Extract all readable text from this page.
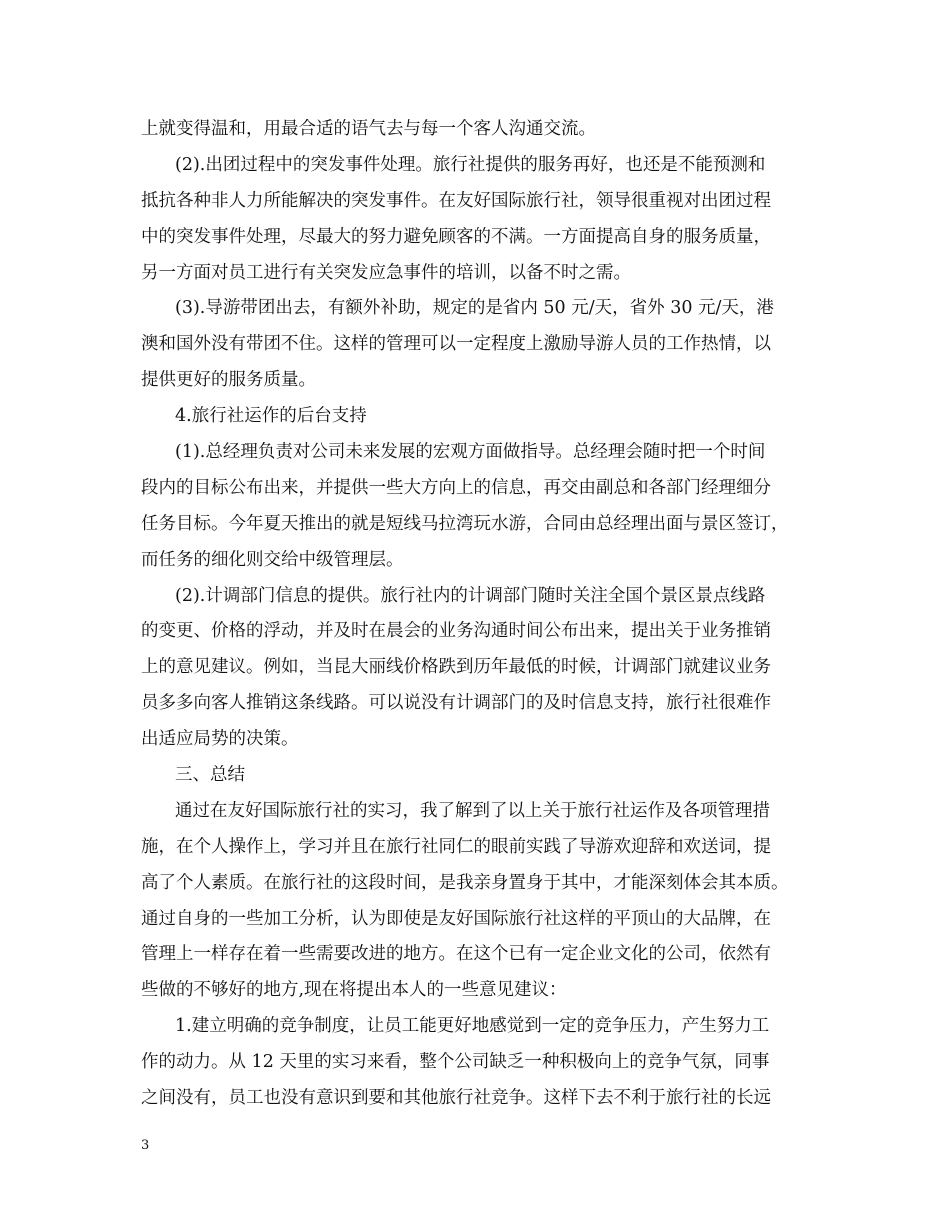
上就变得温和，用最合适的语气去与每一个客人沟通交流。
(2).出团过程中的突发事件处理。旅行社提供的服务再好，也还是不能预测和
抵抗各种非人力所能解决的突发事件。在友好国际旅行社，领导很重视对出团过程
中的突发事件处理，尽最大的努力避免顾客的不满。一方面提高自身的服务质量，
另一方面对员工进行有关突发应急事件的培训，以备不时之需。
(3).导游带团出去，有额外补助，规定的是省内 50 元/天，省外 30 元/天，港
澳和国外没有带团不住。这样的管理可以一定程度上激励导游人员的工作热情，以
提供更好的服务质量。
4.旅行社运作的后台支持
(1).总经理负责对公司未来发展的宏观方面做指导。总经理会随时把一个时间
段内的目标公布出来，并提供一些大方向上的信息，再交由副总和各部门经理细分
任务目标。今年夏天推出的就是短线马拉湾玩水游，合同由总经理出面与景区签订，
而任务的细化则交给中级管理层。
(2).计调部门信息的提供。旅行社内的计调部门随时关注全国个景区景点线路
的变更、价格的浮动，并及时在晨会的业务沟通时间公布出来，提出关于业务推销
上的意见建议。例如，当昆大丽线价格跌到历年最低的时候，计调部门就建议业务
员多多向客人推销这条线路。可以说没有计调部门的及时信息支持，旅行社很难作
出适应局势的决策。
三、总结
通过在友好国际旅行社的实习，我了解到了以上关于旅行社运作及各项管理措
施，在个人操作上，学习并且在旅行社同仁的眼前实践了导游欢迎辞和欢送词，提
高了个人素质。在旅行社的这段时间，是我亲身置身于其中，才能深刻体会其本质。
通过自身的一些加工分析，认为即使是友好国际旅行社这样的平顶山的大品牌，在
管理上一样存在着一些需要改进的地方。在这个已有一定企业文化的公司，依然有
些做的不够好的地方,现在将提出本人的一些意见建议：
1.建立明确的竞争制度，让员工能更好地感觉到一定的竞争压力，产生努力工
作的动力。从 12 天里的实习来看，整个公司缺乏一种积极向上的竞争气氛，同事
之间没有，员工也没有意识到要和其他旅行社竞争。这样下去不利于旅行社的长远
3
